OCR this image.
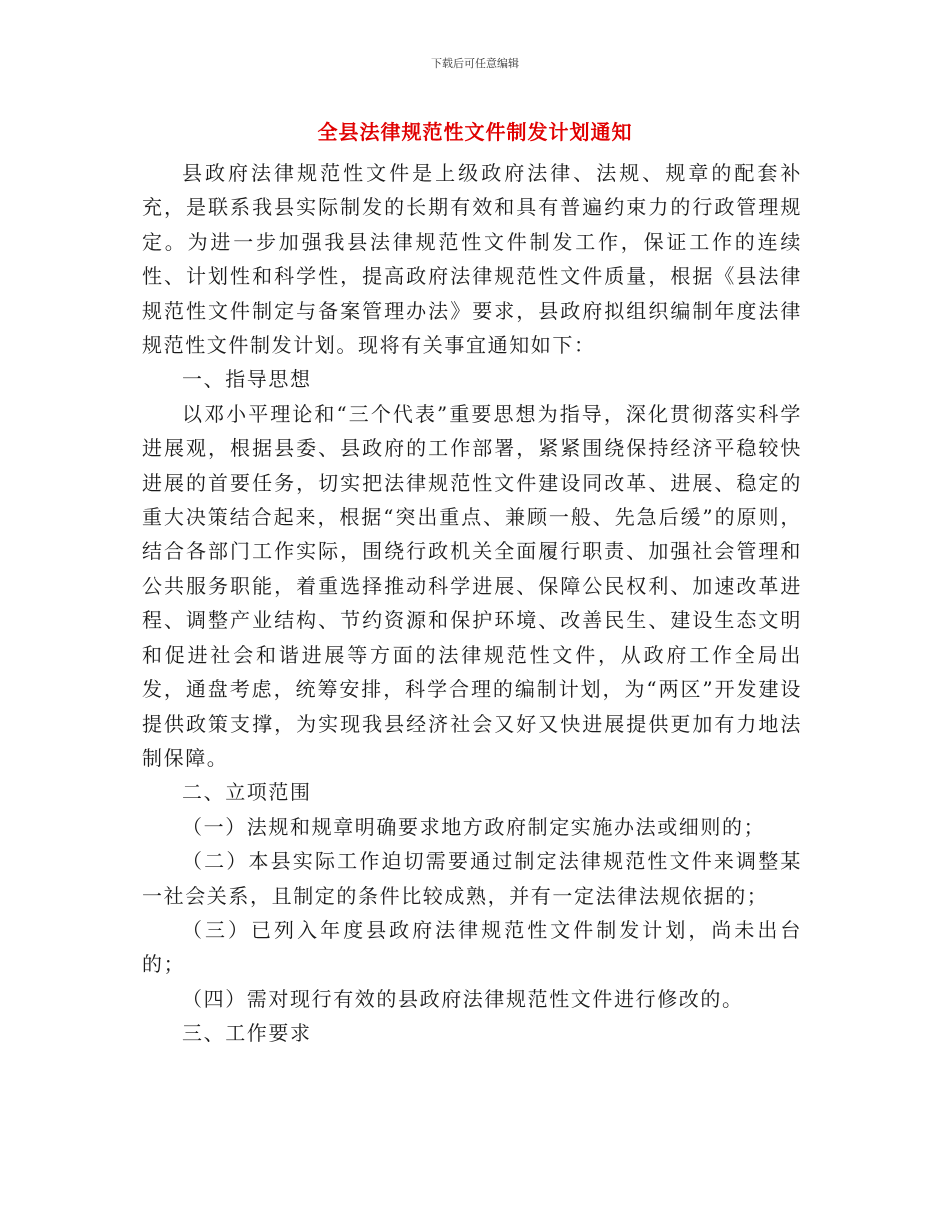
下载后可任意编辑
全县法律规范性文件制发计划通知

县政府法律规范性文件是上级政府法律、法规、规章的配套补充，是联系我县实际制发的长期有效和具有普遍约束力的行政管理规定。为进一步加强我县法律规范性文件制发工作，保证工作的连续性、计划性和科学性，提高政府法律规范性文件质量，根据《县法律规范性文件制定与备案管理办法》要求，县政府拟组织编制年度法律规范性文件制发计划。现将有关事宜通知如下：

一、指导思想

以邓小平理论和“三个代表”重要思想为指导，深化贯彻落实科学进展观，根据县委、县政府的工作部署，紧紧围绕保持经济平稳较快进展的首要任务，切实把法律规范性文件建设同改革、进展、稳定的重大决策结合起来，根据“突出重点、兼顾一般、先急后缓”的原则，结合各部门工作实际，围绕行政机关全面履行职责、加强社会管理和公共服务职能，着重选择推动科学进展、保障公民权利、加速改革进程、调整产业结构、节约资源和保护环境、改善民生、建设生态文明和促进社会和谐进展等方面的法律规范性文件，从政府工作全局出发，通盘考虑，统筹安排，科学合理的编制计划，为“两区”开发建设提供政策支撑，为实现我县经济社会又好又快进展提供更加有力地法制保障。

二、立项范围

（一）法规和规章明确要求地方政府制定实施办法或细则的；

（二）本县实际工作迫切需要通过制定法律规范性文件来调整某一社会关系，且制定的条件比较成熟，并有一定法律法规依据的；

（三）已列入年度县政府法律规范性文件制发计划，尚未出台的；

（四）需对现行有效的县政府法律规范性文件进行修改的。

三、工作要求
